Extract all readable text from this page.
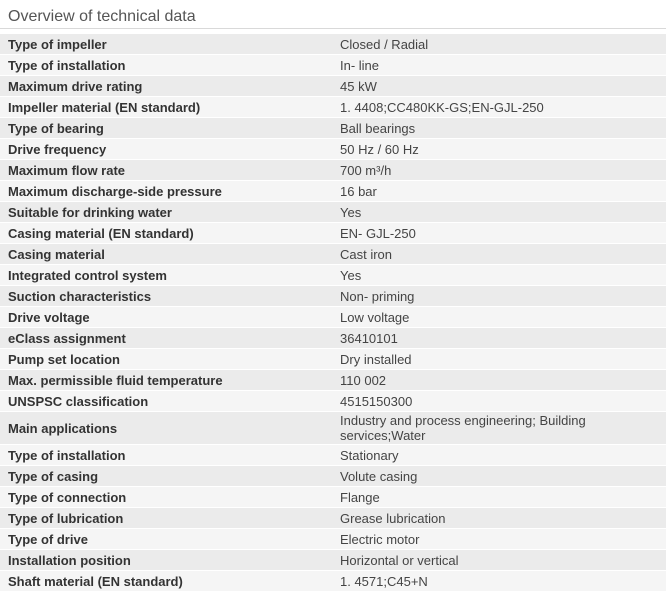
Overview of technical data
Type of impeller	Closed / Radial
Type of installation	In- line
Maximum drive rating	45 kW
Impeller material (EN standard)	1. 4408;CC480KK-GS;EN-GJL-250
Type of bearing	Ball bearings
Drive frequency	50 Hz / 60 Hz
Maximum flow rate	700 m³/h
Maximum discharge-side pressure	16 bar
Suitable for drinking water	Yes
Casing material (EN standard)	EN- GJL-250
Casing material	Cast iron
Integrated control system	Yes
Suction characteristics	Non- priming
Drive voltage	Low voltage
eClass assignment	36410101
Pump set location	Dry installed
Max. permissible fluid temperature	110 002
UNSPSC classification	4515150300
Main applications	Industry and process engineering; Building services;Water
Type of installation	Stationary
Type of casing	Volute casing
Type of connection	Flange
Type of lubrication	Grease lubrication
Type of drive	Electric motor
Installation position	Horizontal or vertical
Shaft material (EN standard)	1. 4571;C45+N
